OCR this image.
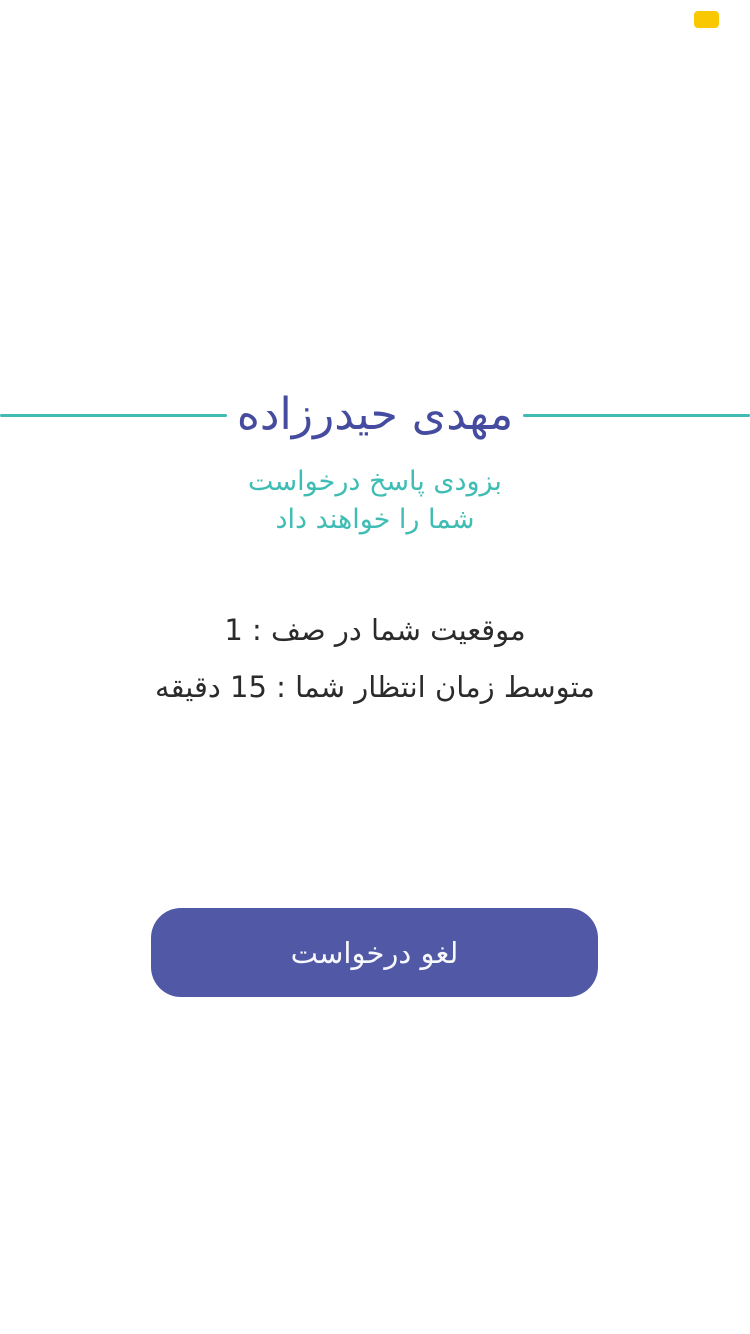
مهدی حیدرزاده
بزودی پاسخ درخواست
شما را خواهند داد

موقعیت شما در صف : 1

متوسط زمان انتظار شما : 15 دقیقه

لغو درخواست
